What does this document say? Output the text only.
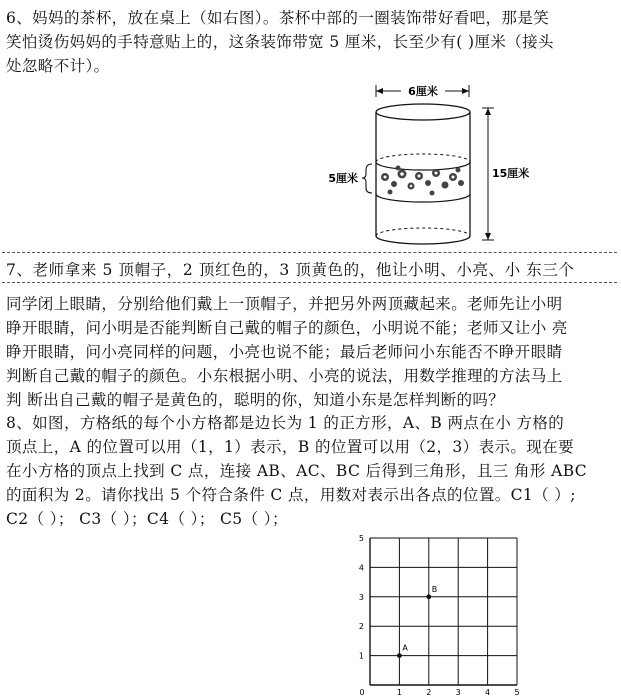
6、妈妈的茶杯，放在桌上（如右图）。茶杯中部的一圈装饰带好看吧，那是笑
笑怕烫伤妈妈的手特意贴上的，这条装饰带宽 5 厘米，长至少有( )厘米（接头
处忽略不计）。
6厘米
5厘米	15厘米
7、老师拿来 5 顶帽子，2 顶红色的，3 顶黄色的，他让小明、小亮、小 东三个
同学闭上眼睛，分别给他们戴上一顶帽子，并把另外两顶藏起来。老师先让小明
睁开眼睛，问小明是否能判断自己戴的帽子的颜色，小明说不能；老师又让小 亮
睁开眼睛，问小亮同样的问题，小亮也说不能；最后老师问小东能否不睁开眼睛
判断自己戴的帽子的颜色。小东根据小明、小亮的说法，用数学推理的方法马上
判 断出自己戴的帽子是黄色的，聪明的你，知道小东是怎样判断的吗？
8、如图，方格纸的每个小方格都是边长为 1 的正方形，A、B 两点在小 方格的
顶点上，A 的位置可以用（1，1）表示，B 的位置可以用（2，3）表示。现在要
在小方格的顶点上找到 C 点，连接 AB、AC、BC 后得到三角形，且三 角形 ABC
的面积为 2。请你找出 5 个符合条件 C 点，用数对表示出各点的位置。C1（ ）;
C2（ ）； C3（ ）；C4（ ）； C5（ ）；
0	1	2	3	4	5
1
2
3
4
5
A
B
